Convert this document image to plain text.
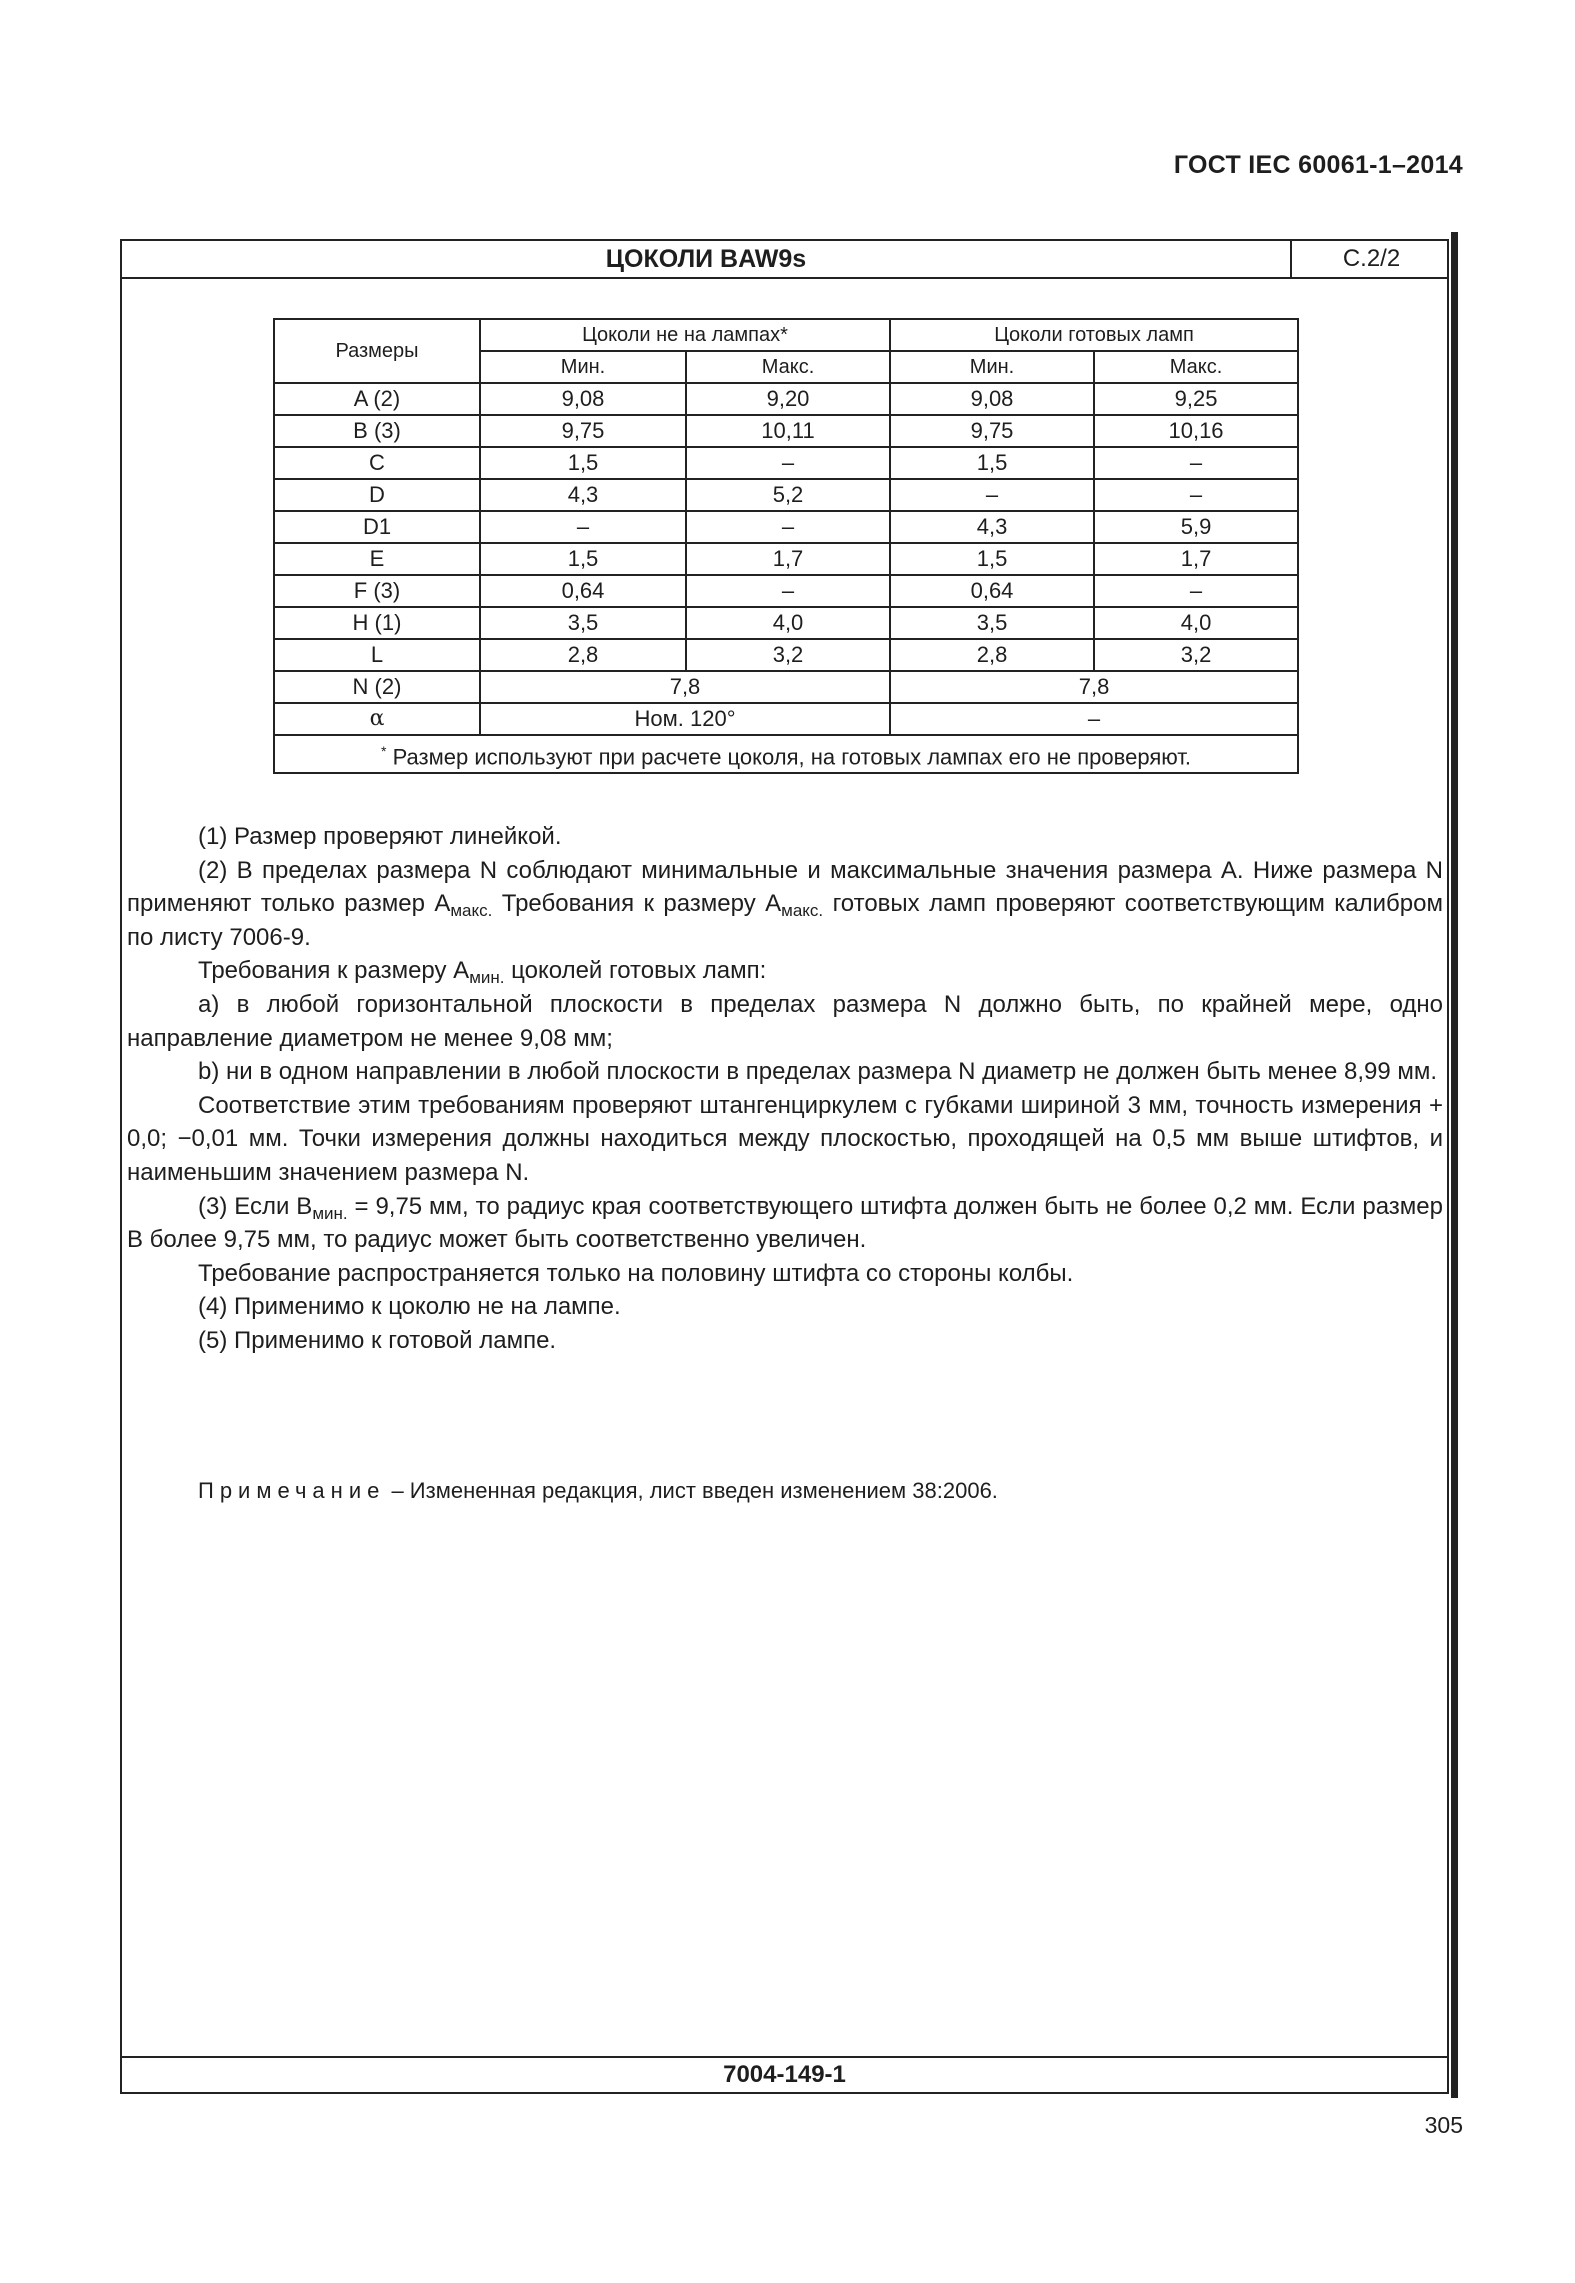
ГОСТ IEC 60061-1–2014
ЦОКОЛИ BAW9s	С.2/2
7004-149-1
Размеры	Цоколи не на лампах*		Цоколи готовых ламп	
	Мин.	Макс.	Мин.	Макс.
A (2)	9,08	9,20	9,08	9,25
B (3)	9,75	10,11	9,75	10,16
C	1,5	–	1,5	–
D	4,3	5,2	–	–
D1	–	–	4,3	5,9
E	1,5	1,7	1,5	1,7
F (3)	0,64	–	0,64	–
H (1)	3,5	4,0	3,5	4,0
L	2,8	3,2	2,8	3,2
N (2)	7,8		7,8	
α	Ном. 120°		–	
* Размер используют при расчете цоколя, на готовых лампах его не проверяют.				

(1) Размер проверяют линейкой.

(2) В пределах размера N соблюдают минимальные и максимальные значения размера A. Ниже размера N применяют только размер $A_{макс.}$ Требования к размеру $A_{макс.}$ готовых ламп проверяют соответствующим калибром по листу 7006-9.

Требования к размеру $A_{мин.}$ цоколей готовых ламп:

а) в любой горизонтальной плоскости в пределах размера N должно быть, по крайней мере, одно направление диаметром не менее 9,08 мм;

b) ни в одном направлении в любой плоскости в пределах размера N диаметр не должен быть менее 8,99 мм.

Соответствие этим требованиям проверяют штангенциркулем с губками шириной 3 мм, точность измерения + 0,0; −0,01 мм. Точки измерения должны находиться между плоскостью, проходящей на 0,5 мм выше штифтов, и наименьшим значением размера N.

(3) Если $B_{мин.} = 9,75$ мм, то радиус края соответствующего штифта должен быть не более 0,2 мм. Если размер B более 9,75 мм, то радиус может быть соответственно увеличен.

Требование распространяется только на половину штифта со стороны колбы.

(4) Применимо к цоколю не на лампе.

(5) Применимо к готовой лампе.

Примечание – Измененная редакция, лист введен изменением 38:2006.
305
